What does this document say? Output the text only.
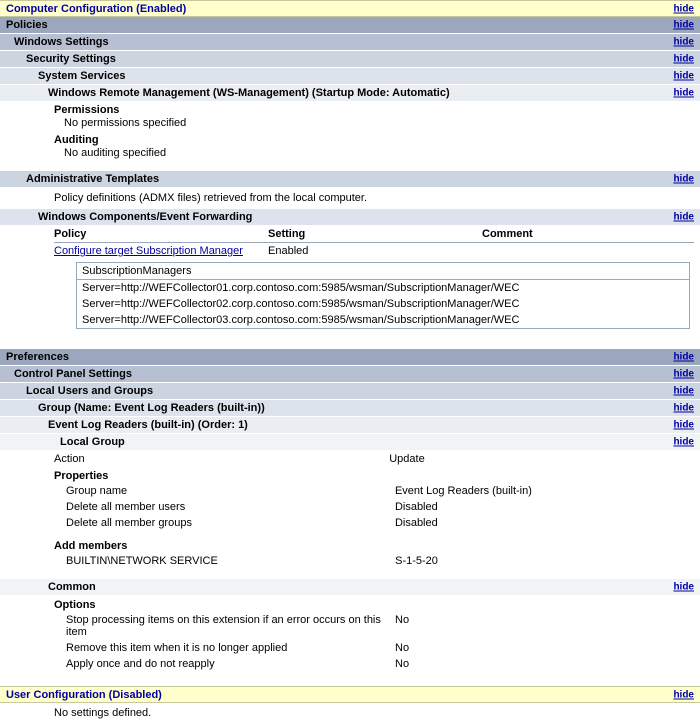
Computer Configuration (Enabled)	hide
Policies	hide
Windows Settings	hide
Security Settings	hide
System Services	hide
Windows Remote Management (WS-Management) (Startup Mode: Automatic)	hide
Permissions
No permissions specified
Auditing
No auditing specified
Administrative Templates	hide
Policy definitions (ADMX files) retrieved from the local computer.
Windows Components/Event Forwarding	hide
Policy	Setting	Comment
Configure target Subscription Manager	Enabled	
SubscriptionManagers
Server=http://WEFCollector01.corp.contoso.com:5985/wsman/SubscriptionManager/WEC
Server=http://WEFCollector02.corp.contoso.com:5985/wsman/SubscriptionManager/WEC
Server=http://WEFCollector03.corp.contoso.com:5985/wsman/SubscriptionManager/WEC
Preferences	hide
Control Panel Settings	hide
Local Users and Groups	hide
Group (Name: Event Log Readers (built-in))	hide
Event Log Readers (built-in) (Order: 1)	hide
Local Group	hide
Action	Update
Properties
Group name	Event Log Readers (built-in)
Delete all member users	Disabled
Delete all member groups	Disabled
Add members
BUILTIN\NETWORK SERVICE	S-1-5-20
Common	hide
Options
Stop processing items on this extension if an error occurs on this item	No
Remove this item when it is no longer applied	No
Apply once and do not reapply	No
User Configuration (Disabled)	hide
No settings defined.
